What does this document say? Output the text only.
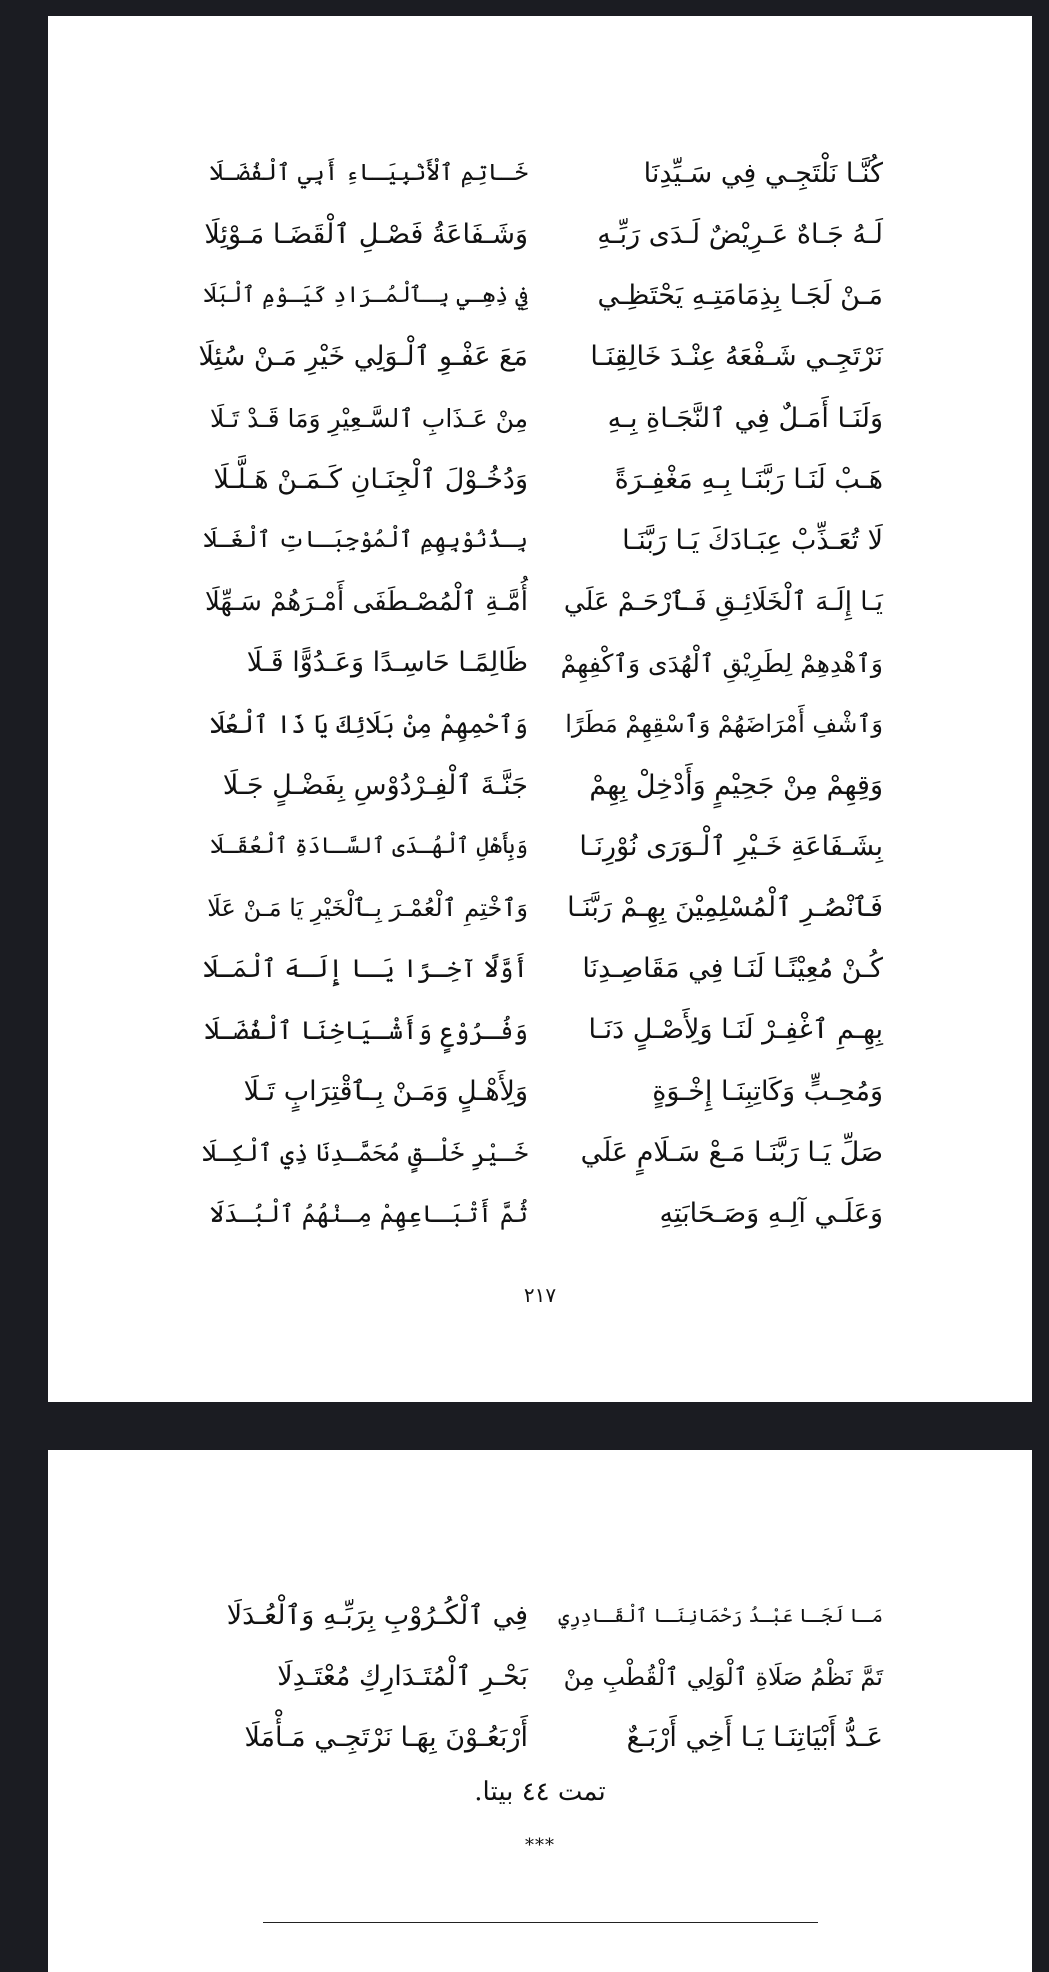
كُنَّـا نَلْتَجِـي فِي سَـيِّدِنَا
خَـاتِمِ ٱلْأَنْبِيَـاءِ أَبِي ٱلْفُضَـلَا
لَـهُ جَـاهٌ عَـرِيْضٌ لَـدَى رَبِّـهِ
وَشَـفَاعَةُ فَصْـلِ ٱلْقَضَـا مَـوْئِلَا
مَـنْ لَجَـا بِذِمَامَتِـهِ يَحْتَظِـي
فِي ذِهِـي بِـٱلْمُـرَادِ كَيَـوْمِ ٱلْبَلَا
نَرْتَجِـي شَـفْعَهُ عِنْـدَ خَالِقِنَـا
مَعَ عَفْـوِ ٱلْـوَلِي خَيْرِ مَـنْ سُئِلَا
وَلَنَـا أَمَـلٌ فِي ٱلنَّجَـاةِ بِـهِ
مِنْ عَـذَابِ ٱلسَّـعِيْرِ وَمَا قَـدْ تَـلَا
هَـبْ لَنَـا رَبَّنَـا بِـهِ مَغْفِـرَةً
وَدُخُـوْلَ ٱلْجِنَـانِ كَـمَـنْ هَـلَّـلَا
لَا تُعَـذِّبْ عِبَـادَكَ يَـا رَبَّنَـا
بِـذُنُوْبِهِمِ ٱلْمُوْجِبَـاتِ ٱلْغَـلَا
يَـا إِلَـهَ ٱلْخَلَائِـقِ فَـٱرْحَـمْ عَلَي
أُمَّـةِ ٱلْمُصْـطَفَى أَمْـرَهُمْ سَـهِّلَا
وَٱهْدِهِمْ لِطَرِيْقِ ٱلْهُدَى وَٱكْفِهِمْ
ظَالِمًـا حَاسِـدًا وَعَـدُوًّا قَـلَا
وَٱشْفِ أَمْرَاضَهُمْ وَٱسْقِهِمْ مَطَرًا
وَٱحْمِهِمْ مِنْ بَلَائِكَ يَا ذَا ٱلْعُلَا
وَقِهِمْ مِنْ جَحِيْمٍ وَأَدْخِلْ بِهِمْ
جَنَّـةَ ٱلْفِـرْدُوْسِ بِفَضْـلٍ جَـلَا
بِشَـفَاعَةِ خَـيْرِ ٱلْـوَرَى نُوْرِنَـا
وَبِأَهْلِ ٱلْهُـدَى ٱلسَّـادَةِ ٱلْعُقَـلَا
فَٱنْصُـرِ ٱلْمُسْلِمِيْنَ بِهِـمْ رَبَّنَـا
وَٱخْتِمِ ٱلْعُمْـرَ بِـٱلْخَيْرِ يَا مَـنْ عَلَا
كُـنْ مُعِيْنًـا لَنَـا فِي مَقَاصِـدِنَا
أَوَّلًا آخِـرًا يَـا إِلَـهَ ٱلْمَـلَا
بِهِـمِ ٱغْفِـرْ لَنَـا وَلِأَصْـلٍ دَنَـا
وَفُـرُوْعٍ وَأَشْـيَاخِنَا ٱلْفُضَـلَا
وَمُحِـبٍّ وَكَاتِبِنَـا إِخْـوَةٍ
وَلِأَهْـلٍ وَمَـنْ بِـٱقْتِرَابٍ تَـلَا
صَلِّ يَـا رَبَّنَـا مَـعْ سَـلَامٍ عَلَي
خَـيْرِ خَلْـقٍ مُحَمَّـدِنَا ذِي ٱلْكِـلَا
وَعَلَـي آلِـهِ وَصَـحَابَتِهِ
ثُمَّ أَتْبَـاعِهِمْ مِـنْهُمُ ٱلْبُـدَلَا
٢١٧
مَـا لَجَـا عَبْـدُ رَحْمَانِنَـا ٱلْقَـادِرِي
فِي ٱلْكُـرُوْبِ بِرَبِّـهِ وَٱلْعُـدَلَا
تَمَّ نَظْمُ صَلَاةِ ٱلْوَلِي ٱلْقُطْبِ مِنْ
بَحْـرِ ٱلْمُتَـدَارِكِ مُعْتَـدِلَا
عَـدُّ أَبْيَاتِنَـا يَـا أَخِي أَرْبَـعٌ
أَرْبَعُـوْنَ بِهَـا نَرْتَجِـي مَـأْمَلَا
تمت ٤٤ بيتا.
***
